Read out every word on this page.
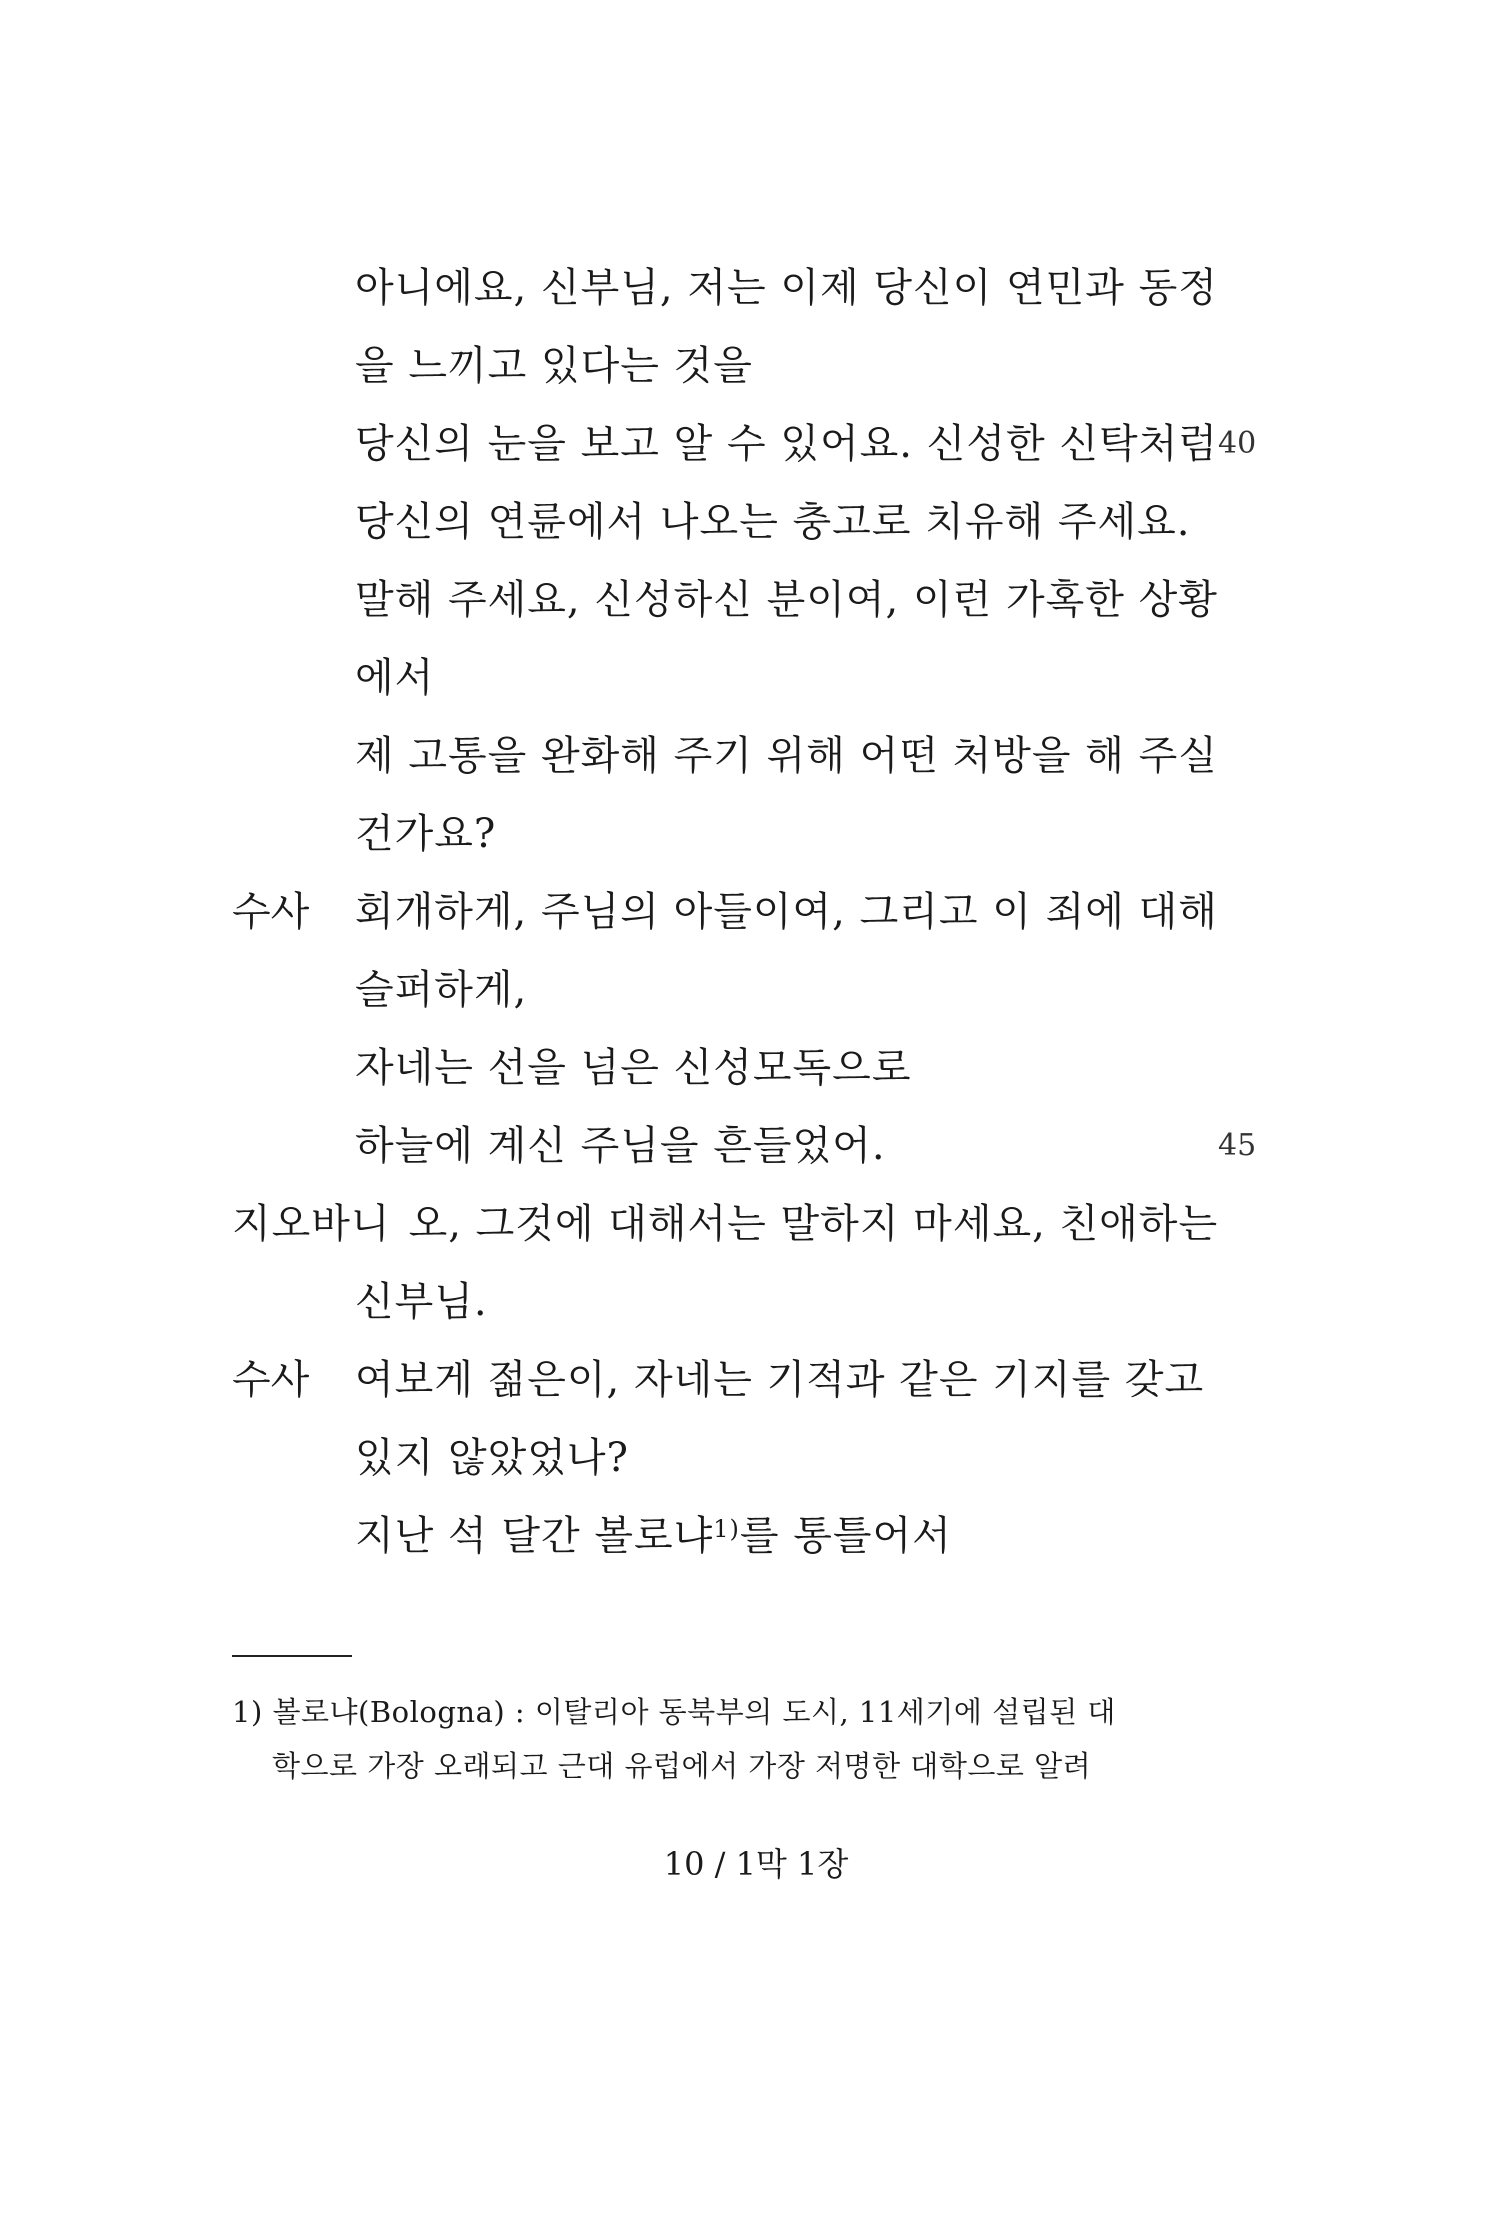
아니에요, 신부님, 저는 이제 당신이 연민과 동정
을 느끼고 있다는 것을
당신의 눈을 보고 알 수 있어요. 신성한 신탁처럼 40
당신의 연륜에서 나오는 충고로 치유해 주세요.
말해 주세요, 신성하신 분이여, 이런 가혹한 상황
에서
제 고통을 완화해 주기 위해 어떤 처방을 해 주실
건가요?
수사 회개하게, 주님의 아들이여, 그리고 이 죄에 대해
슬퍼하게,
자네는 선을 넘은 신성모독으로
하늘에 계신 주님을 흔들었어.	45
지오바니 오, 그것에 대해서는 말하지 마세요, 친애하는
신부님.
수사 여보게 젊은이, 자네는 기적과 같은 기지를 갖고
있지 않았었나?
지난 석 달간 볼로냐$^{1)}$를 통틀어서
1) 볼로냐(Bologna) : 이탈리아 동북부의 도시, 11세기에 설립된 대
학으로 가장 오래되고 근대 유럽에서 가장 저명한 대학으로 알려
10 / 1막 1장
